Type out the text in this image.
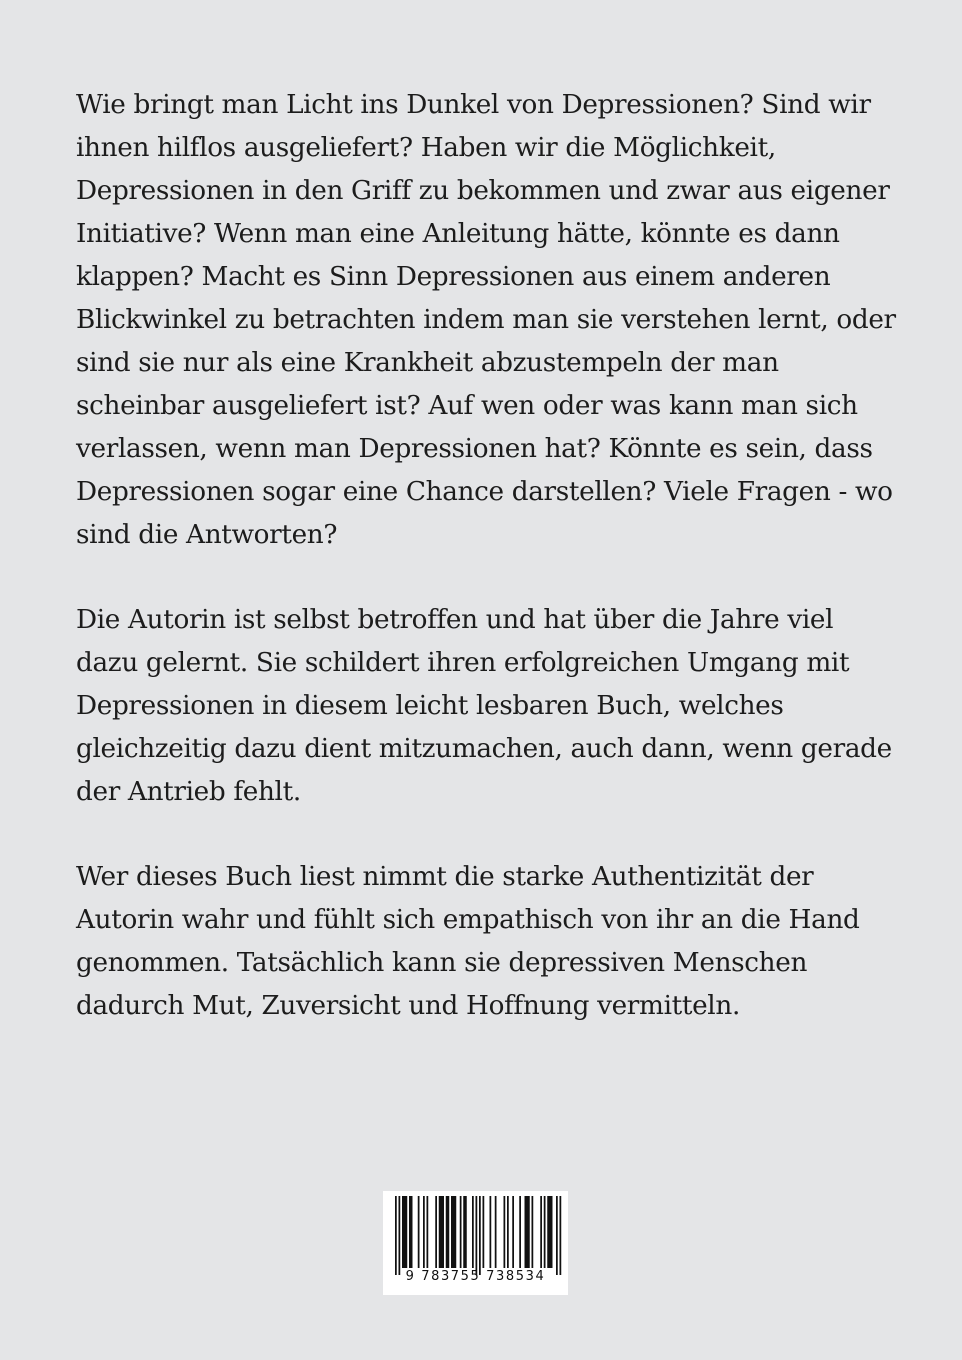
Wie bringt man Licht ins Dunkel von Depressionen? Sind wir ihnen hilflos ausgeliefert? Haben wir die Möglichkeit, Depressionen in den Griff zu bekommen und zwar aus eigener Initiative? Wenn man eine Anleitung hätte, könnte es dann klappen? Macht es Sinn Depressionen aus einem anderen Blickwinkel zu betrachten indem man sie verstehen lernt, oder sind sie nur als eine Krankheit abzustempeln der man scheinbar ausgeliefert ist? Auf wen oder was kann man sich verlassen, wenn man Depressionen hat? Könnte es sein, dass Depressionen sogar eine Chance darstellen? Viele Fragen - wo sind die Antworten?

Die Autorin ist selbst betroffen und hat über die Jahre viel dazu gelernt. Sie schildert ihren erfolgreichen Umgang mit Depressionen in diesem leicht lesbaren Buch, welches gleichzeitig dazu dient mitzumachen, auch dann, wenn gerade der Antrieb fehlt.

Wer dieses Buch liest nimmt die starke Authentizität der Autorin wahr und fühlt sich empathisch von ihr an die Hand genommen. Tatsächlich kann sie depressiven Menschen dadurch Mut, Zuversicht und Hoffnung vermitteln.

9 783755 738534
